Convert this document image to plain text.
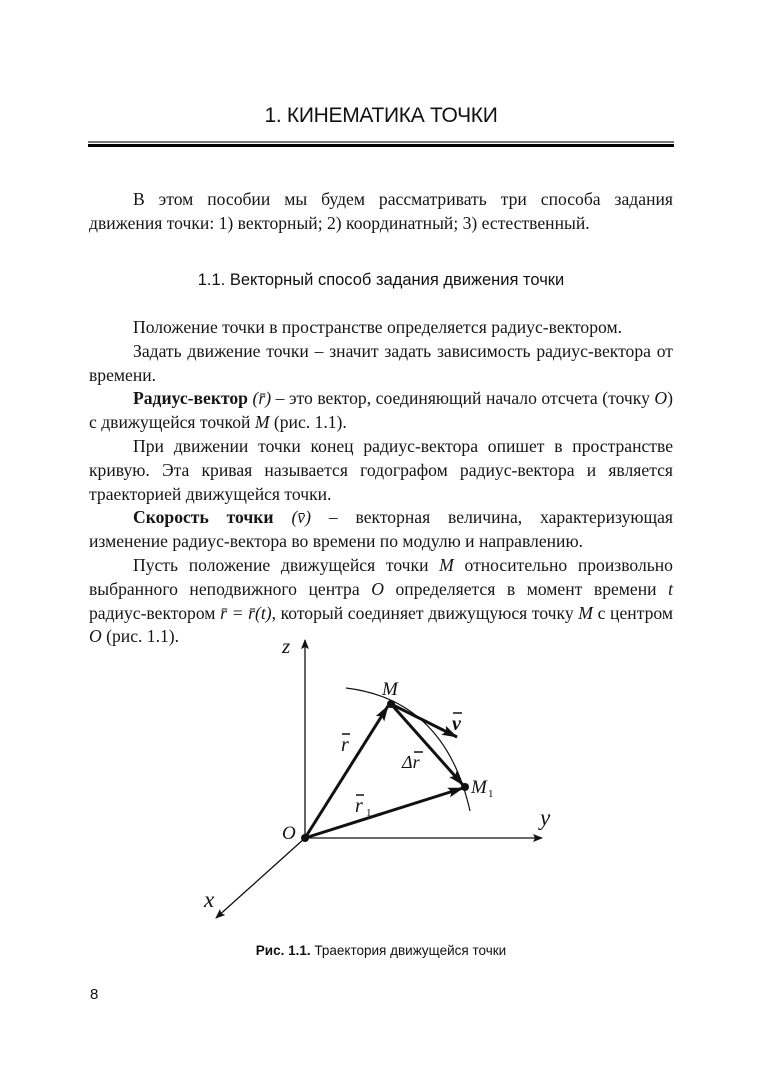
1. КИНЕМАТИКА ТОЧКИ

В этом пособии мы будем рассматривать три способа задания движения точки: 1) векторный; 2) координатный; 3) естественный.

1.1. Векторный способ задания движения точки

Положение точки в пространстве определяется радиус-вектором.

Задать движение точки – значит задать зависимость радиус-вектора от времени.

Радиус-вектор (r̄) – это вектор, соединяющий начало отсчета (точку O) с движущейся точкой M (рис. 1.1).

При движении точки конец радиус-вектора опишет в пространстве кривую. Эта кривая называется годографом радиус-вектора и является траекторией движущейся точки.

Скорость точки (v̄) – векторная величина, характеризующая изменение радиус-вектора во времени по модулю и направлению.

Пусть положение движущейся точки M относительно произвольно выбранного неподвижного центра O определяется в момент времени t радиус-вектором r̄ = r̄(t), который соединяет движущуюся точку M с центром O (рис. 1.1).	z
y
x
O
M
M 1
r
r 1
v
Δr
Рис. 1.1. Траектория движущейся точки
8
